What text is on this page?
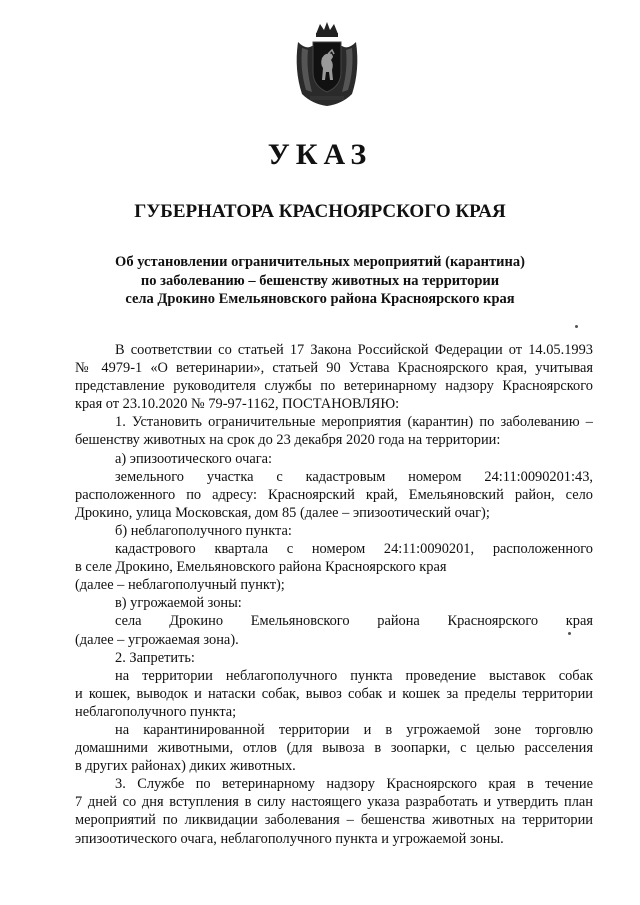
УКАЗ
ГУБЕРНАТОРА КРАСНОЯРСКОГО КРАЯ
Об установлении ограничительных мероприятий (карантина)
по заболеванию – бешенству животных на территории
села Дрокино Емельяновского района Красноярского края

В соответствии со статьей 17 Закона Российской Федерации от 14.05.1993

№ 4979-1 «О ветеринарии», статьей 90 Устава Красноярского края, учитывая

представление руководителя службы по ветеринарному надзору Красноярского

края от 23.10.2020 № 79-97-1162, ПОСТАНОВЛЯЮ:

1. Установить ограничительные мероприятия (карантин) по заболеванию –

бешенству животных на срок до 23 декабря 2020 года на территории:

а) эпизоотического очага:

земельного участка с кадастровым номером 24:11:0090201:43,

расположенного по адресу: Красноярский край, Емельяновский район, село

Дрокино, улица Московская, дом 85 (далее – эпизоотический очаг);

б) неблагополучного пункта:

кадастрового квартала с номером 24:11:0090201, расположенного

в селе Дрокино, Емельяновского района Красноярского края

(далее – неблагополучный пункт);

в) угрожаемой зоны:

села Дрокино Емельяновского района Красноярского края

(далее – угрожаемая зона).

2. Запретить:

на территории неблагополучного пункта проведение выставок собак

и кошек, выводок и натаски собак, вывоз собак и кошек за пределы территории

неблагополучного пункта;

на карантинированной территории и в угрожаемой зоне торговлю

домашними животными, отлов (для вывоза в зоопарки, с целью расселения

в других районах) диких животных.

3. Службе по ветеринарному надзору Красноярского края в течение

7 дней со дня вступления в силу настоящего указа разработать и утвердить план

мероприятий по ликвидации заболевания – бешенства животных на территории

эпизоотического очага, неблагополучного пункта и угрожаемой зоны.
